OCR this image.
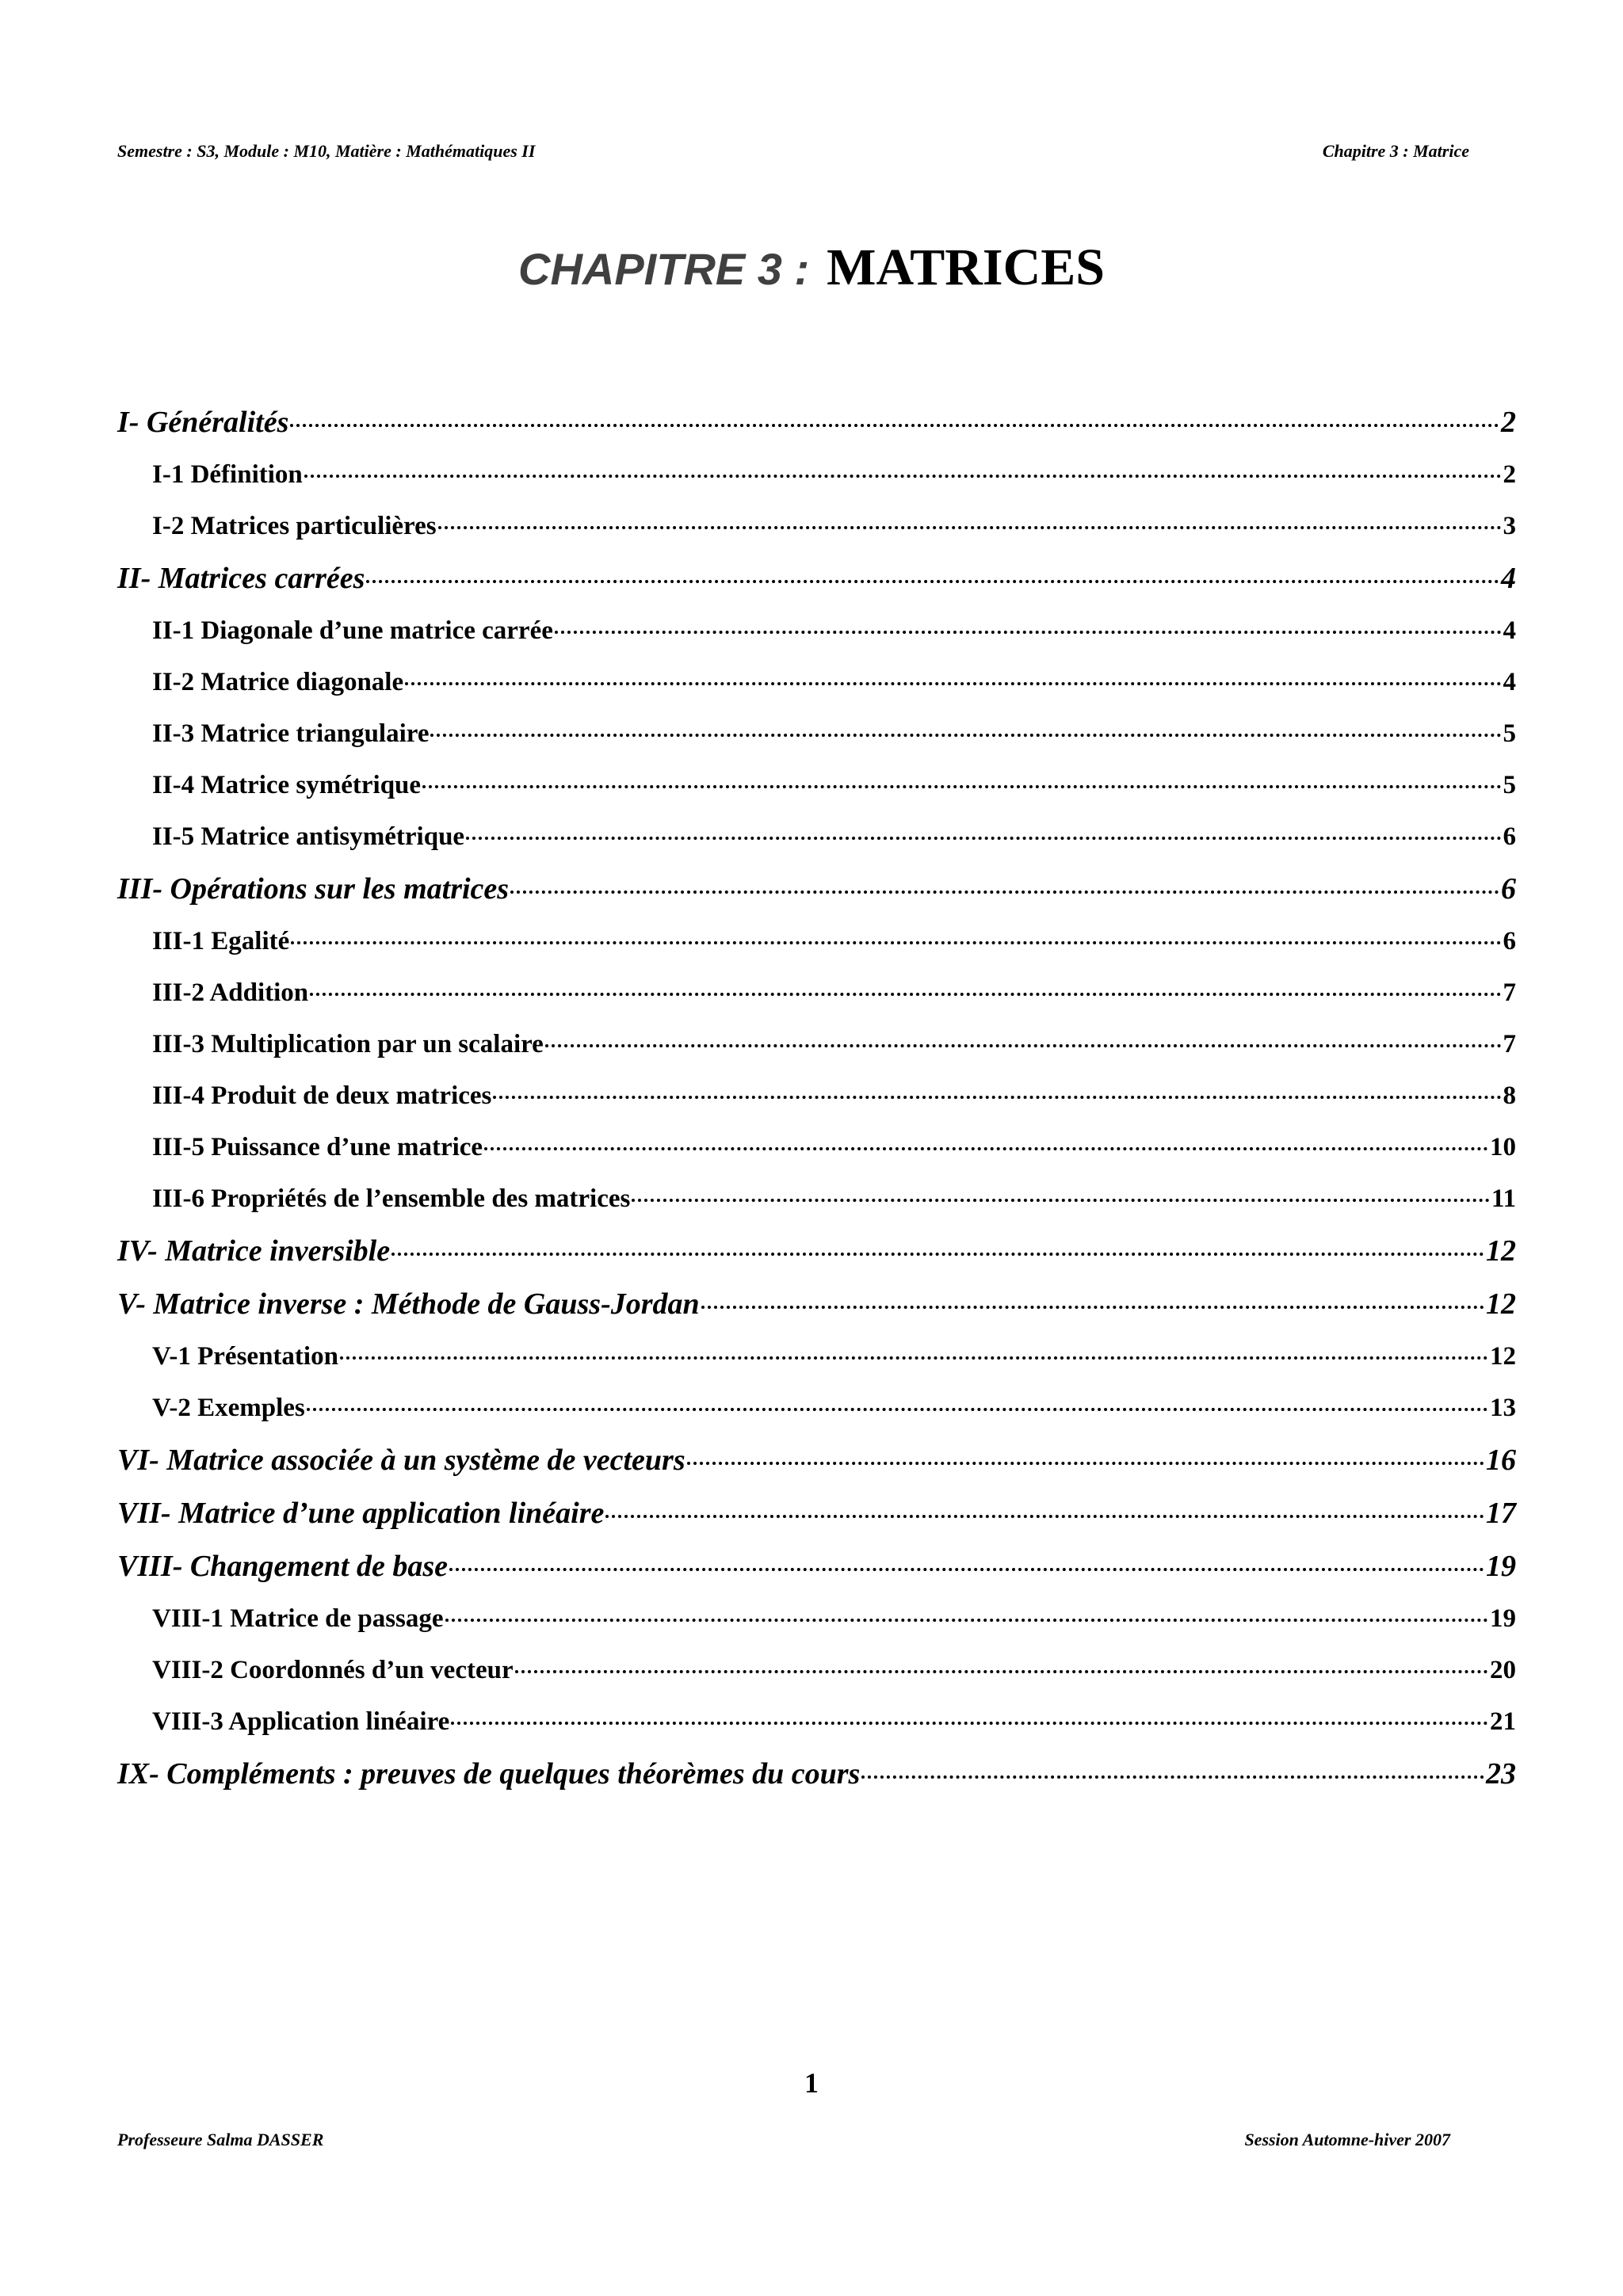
Semestre : S3, Module : M10, Matière : Mathématiques II	Chapitre 3 : Matrice
CHAPITRE 3 : MATRICES
I- Généralités	2
I-1 Définition	2
I-2 Matrices particulières	3
II- Matrices carrées	4
II-1 Diagonale d’une matrice carrée	4
II-2 Matrice diagonale	4
II-3 Matrice triangulaire	5
II-4 Matrice symétrique	5
II-5 Matrice antisymétrique	6
III- Opérations sur les matrices	6
III-1 Egalité	6
III-2 Addition	7
III-3 Multiplication par un scalaire	7
III-4 Produit de deux matrices	8
III-5 Puissance d’une matrice	10
III-6 Propriétés de l’ensemble des matrices	11
IV- Matrice inversible	12
V- Matrice inverse : Méthode de Gauss-Jordan	12
V-1 Présentation	12
V-2 Exemples	13
VI- Matrice associée à un système de vecteurs	16
VII- Matrice d’une application linéaire	17
VIII- Changement de base	19
VIII-1 Matrice de passage	19
VIII-2 Coordonnés d’un vecteur	20
VIII-3 Application linéaire	21
IX- Compléments : preuves de quelques théorèmes du cours	23
1
Professeure Salma DASSER	Session Automne-hiver 2007
